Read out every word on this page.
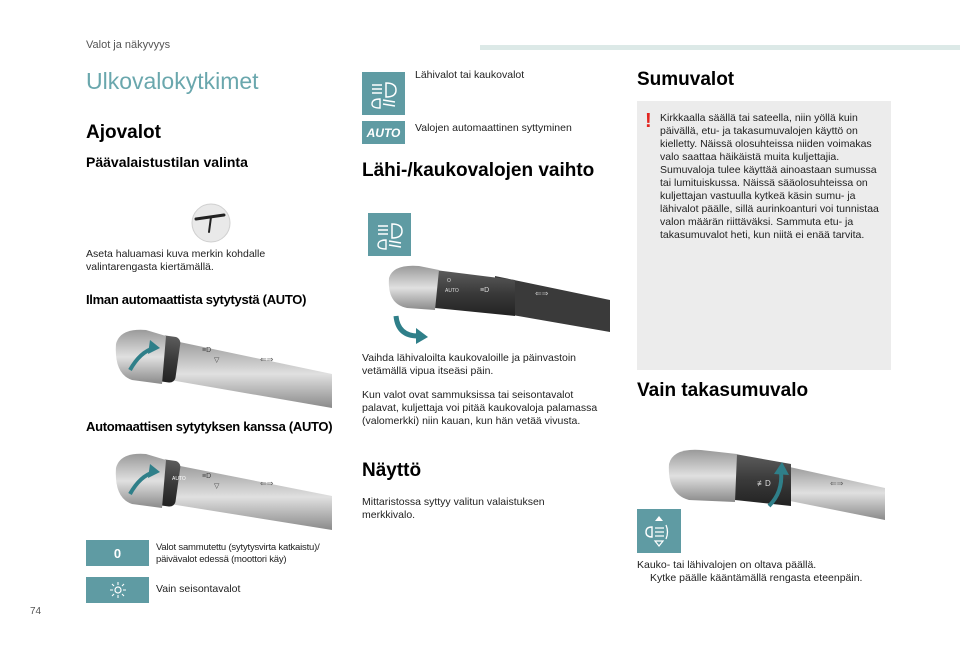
Valot ja näkyvyys
Ulkovalokytkimet
Ajovalot
Päävalaistustilan valinta
Aseta haluamasi kuva merkin kohdalle valintarengasta kiertämällä.
Ilman automaattista sytytystä (AUTO)
≡D
▽	⇐⇒
Automaattisen sytytyksen kanssa (AUTO)
AUTO ≡D
▽	⇐⇒
0	Valot sammutettu (sytytysvirta katkaistu)/ päivävalot edessä (moottori käy)
Vain seisontavalot
Lähivalot tai kaukovalot
AUTO Valojen automaattinen syttyminen
Lähi-/kaukovalojen vaihto
O
AUTO	≡D	⇐⇒
Vaihda lähivaloilta kaukovaloille ja päinvastoin vetämällä vipua itseäsi päin.
Kun valot ovat sammuksissa tai seisontavalot palavat, kuljettaja voi pitää kaukovaloja palamassa (valomerkki) niin kauan, kun hän vetää vivusta.
Näyttö
Mittaristossa syttyy valitun valaistuksen merkkivalo.
Sumuvalot
! Kirkkaalla säällä tai sateella, niin yöllä kuin päivällä, etu- ja takasumuvalojen käyttö on kielletty. Näissä olosuhteissa niiden voimakas valo saattaa häikäistä muita kuljettajia. Sumuvaloja tulee käyttää ainoastaan sumussa tai lumituiskussa. Näissä sääolosuhteissa on kuljettajan vastuulla kytkeä käsin sumu- ja lähivalot päälle, sillä aurinkoanturi voi tunnistaa valon määrän riittäväksi. Sammuta etu- ja takasumuvalot heti, kun niitä ei enää tarvita.
Vain takasumuvalo
≢D	⇐⇒
Kauko- tai lähivalojen on oltava päällä.
Kytke päälle kääntämällä rengasta eteenpäin.
74
